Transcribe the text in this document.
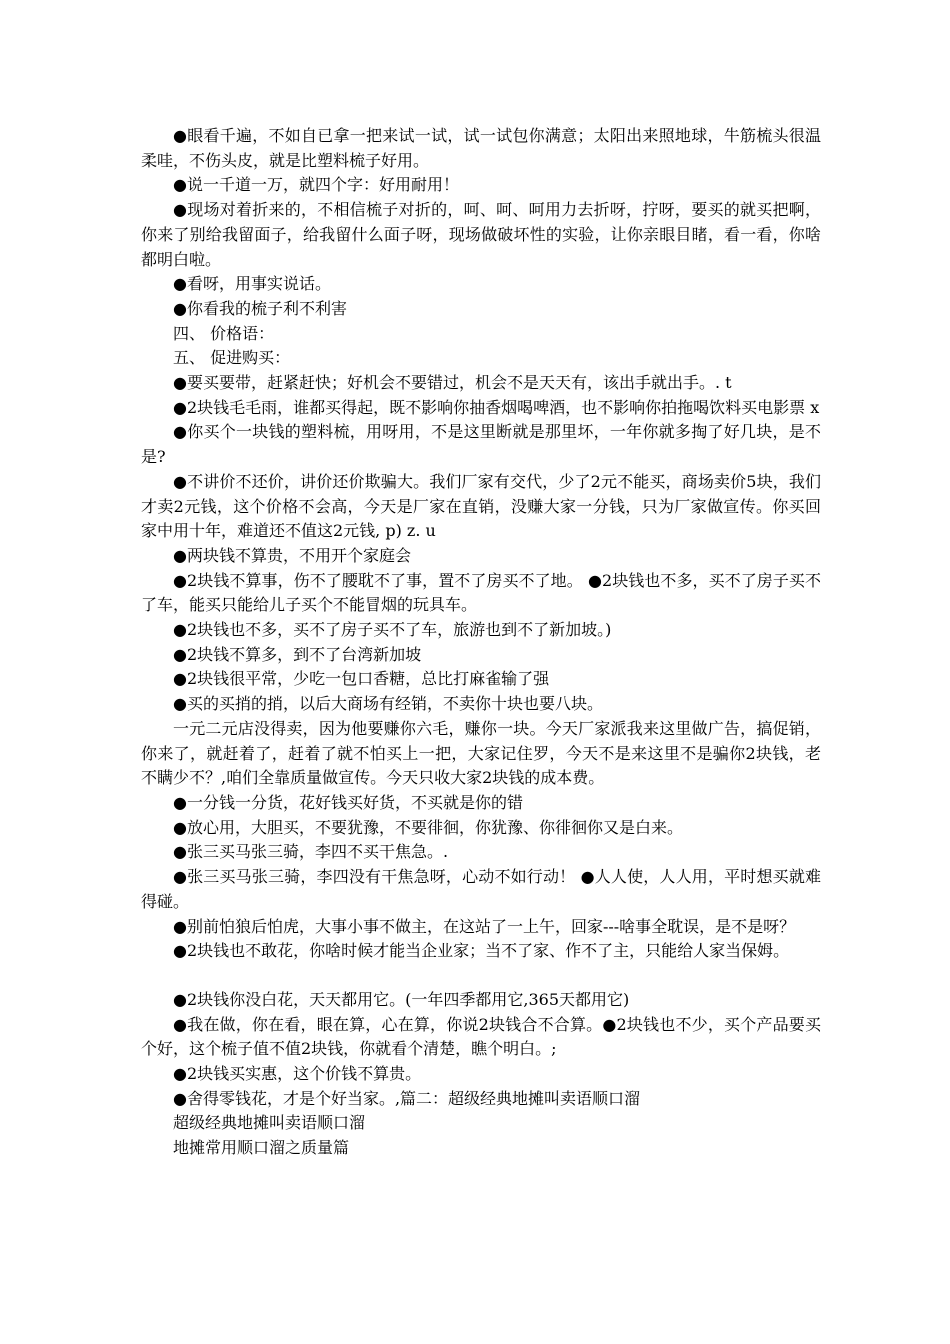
●眼看千遍，不如自已拿一把来试一试，试一试包你满意；太阳出来照地球，牛筋梳头很温柔哇，不伤头皮，就是比塑料梳子好用。

●说一千道一万，就四个字：好用耐用！

●现场对着折来的，不相信梳子对折的，呵、呵、呵用力去折呀，拧呀，要买的就买把啊，你来了别给我留面子，给我留什么面子呀，现场做破坏性的实验，让你亲眼目睹，看一看，你啥都明白啦。

●看呀，用事实说话。

●你看我的梳子利不利害

四、 价格语：

五、 促进购买：

●要买要带，赶紧赶快；好机会不要错过，机会不是天天有，该出手就出手。. t

●2块钱毛毛雨，谁都买得起，既不影响你抽香烟喝啤酒，也不影响你拍拖喝饮料买电影票 x

●你买个一块钱的塑料梳，用呀用，不是这里断就是那里坏，一年你就多掏了好几块，是不是?

●不讲价不还价，讲价还价欺骗大。我们厂家有交代，少了2元不能买，商场卖价5块，我们才卖2元钱，这个价格不会高，今天是厂家在直销，没赚大家一分钱，只为厂家做宣传。你买回家中用十年，难道还不值这2元钱, p) z. u

●两块钱不算贵，不用开个家庭会

●2块钱不算事，伤不了腰耽不了事，置不了房买不了地。 ●2块钱也不多，买不了房子买不了车，能买只能给儿子买个不能冒烟的玩具车。

●2块钱也不多，买不了房子买不了车，旅游也到不了新加坡。)

●2块钱不算多，到不了台湾新加坡

●2块钱很平常，少吃一包口香糖，总比打麻雀输了强

●买的买捎的捎，以后大商场有经销，不卖你十块也要八块。

一元二元店没得卖，因为他要赚你六毛，赚你一块。今天厂家派我来这里做广告，搞促销，你来了，就赶着了，赶着了就不怕买上一把，大家记住罗，今天不是来这里不是骗你2块钱，老不瞒少不？,咱们全靠质量做宣传。今天只收大家2块钱的成本费。

●一分钱一分货，花好钱买好货，不买就是你的错

●放心用，大胆买，不要犹豫，不要徘徊，你犹豫、你徘徊你又是白来。

●张三买马张三骑，李四不买干焦急。.

●张三买马张三骑，李四没有干焦急呀，心动不如行动！ ●人人使，人人用，平时想买就难得碰。

●别前怕狼后怕虎，大事小事不做主，在这站了一上午，回家---啥事全耽误，是不是呀？

●2块钱也不敢花，你啥时候才能当企业家；当不了家、作不了主，只能给人家当保姆。

●2块钱你没白花，天天都用它。(一年四季都用它,365天都用它)

●我在做，你在看，眼在算，心在算，你说2块钱合不合算。●2块钱也不少，买个产品要买个好，这个梳子值不值2块钱，你就看个清楚，瞧个明白。;

●2块钱买实惠，这个价钱不算贵。

●舍得零钱花，才是个好当家。,篇二：超级经典地摊叫卖语顺口溜

超级经典地摊叫卖语顺口溜

地摊常用顺口溜之质量篇
